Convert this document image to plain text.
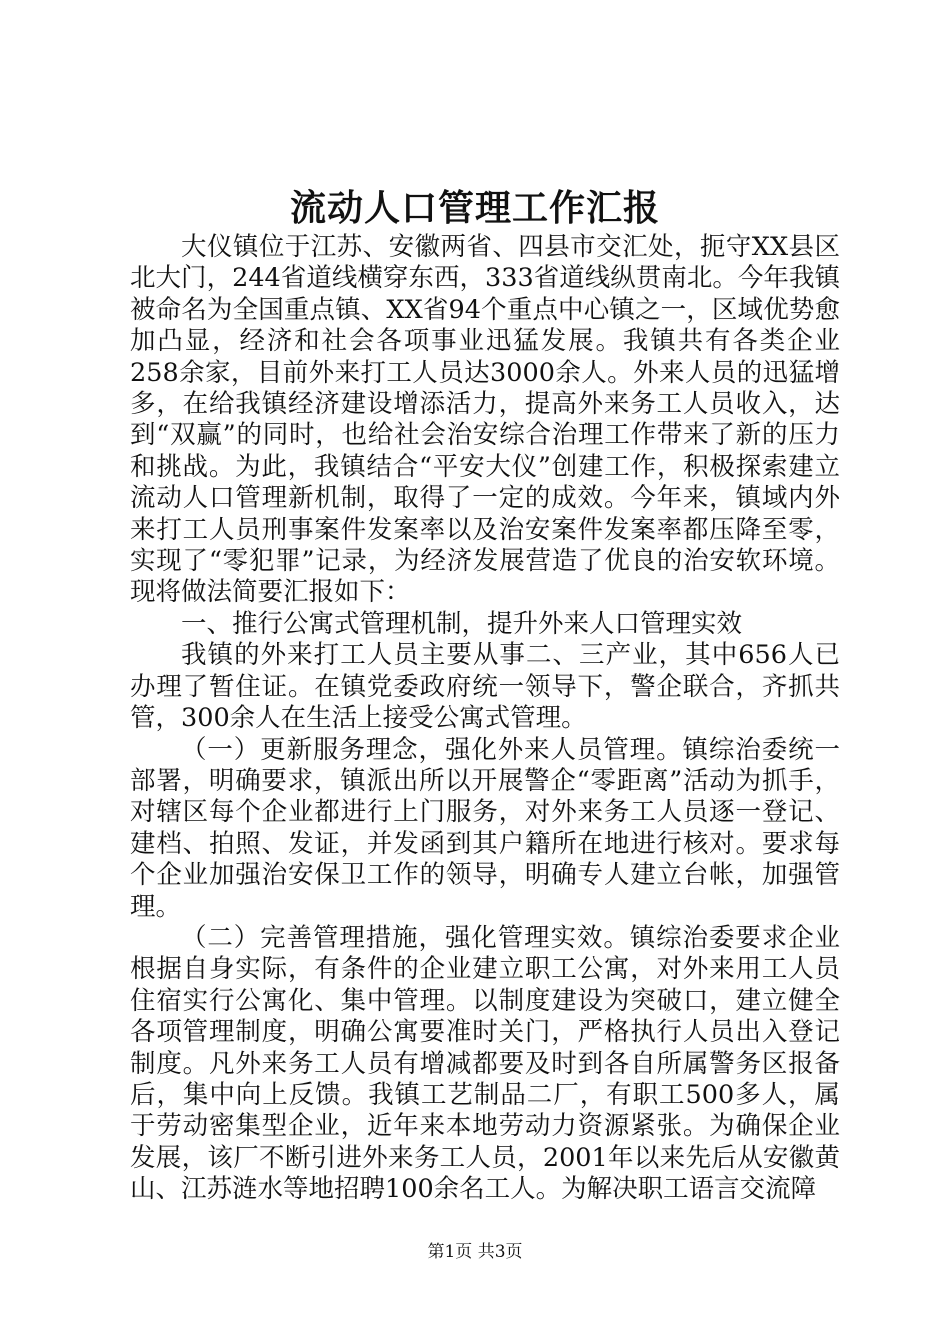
流动人口管理工作汇报

大仪镇位于江苏、安徽两省、四县市交汇处，扼守XX县区北大门，244省道线横穿东西，333省道线纵贯南北。今年我镇被命名为全国重点镇、XX省94个重点中心镇之一，区域优势愈加凸显，经济和社会各项事业迅猛发展。我镇共有各类企业258余家，目前外来打工人员达3000余人。外来人员的迅猛增多，在给我镇经济建设增添活力，提高外来务工人员收入，达到“双赢”的同时，也给社会治安综合治理工作带来了新的压力和挑战。为此，我镇结合“平安大仪”创建工作，积极探索建立流动人口管理新机制，取得了一定的成效。今年来，镇域内外来打工人员刑事案件发案率以及治安案件发案率都压降至零，实现了“零犯罪”记录，为经济发展营造了优良的治安软环境。现将做法简要汇报如下：

一、推行公寓式管理机制，提升外来人口管理实效

我镇的外来打工人员主要从事二、三产业，其中656人已办理了暂住证。在镇党委政府统一领导下，警企联合，齐抓共管，300余人在生活上接受公寓式管理。

（一）更新服务理念，强化外来人员管理。镇综治委统一部署，明确要求，镇派出所以开展警企“零距离”活动为抓手，对辖区每个企业都进行上门服务，对外来务工人员逐一登记、建档、拍照、发证，并发函到其户籍所在地进行核对。要求每个企业加强治安保卫工作的领导，明确专人建立台帐，加强管理。

（二）完善管理措施，强化管理实效。镇综治委要求企业根据自身实际，有条件的企业建立职工公寓，对外来用工人员住宿实行公寓化、集中管理。以制度建设为突破口，建立健全各项管理制度，明确公寓要准时关门，严格执行人员出入登记制度。凡外来务工人员有增减都要及时到各自所属警务区报备后，集中向上反馈。我镇工艺制品二厂，有职工500多人，属于劳动密集型企业，近年来本地劳动力资源紧张。为确保企业发展，该厂不断引进外来务工人员，2001年以来先后从安徽黄山、江苏涟水等地招聘100余名工人。为解决职工语言交流障

第1页 共3页
